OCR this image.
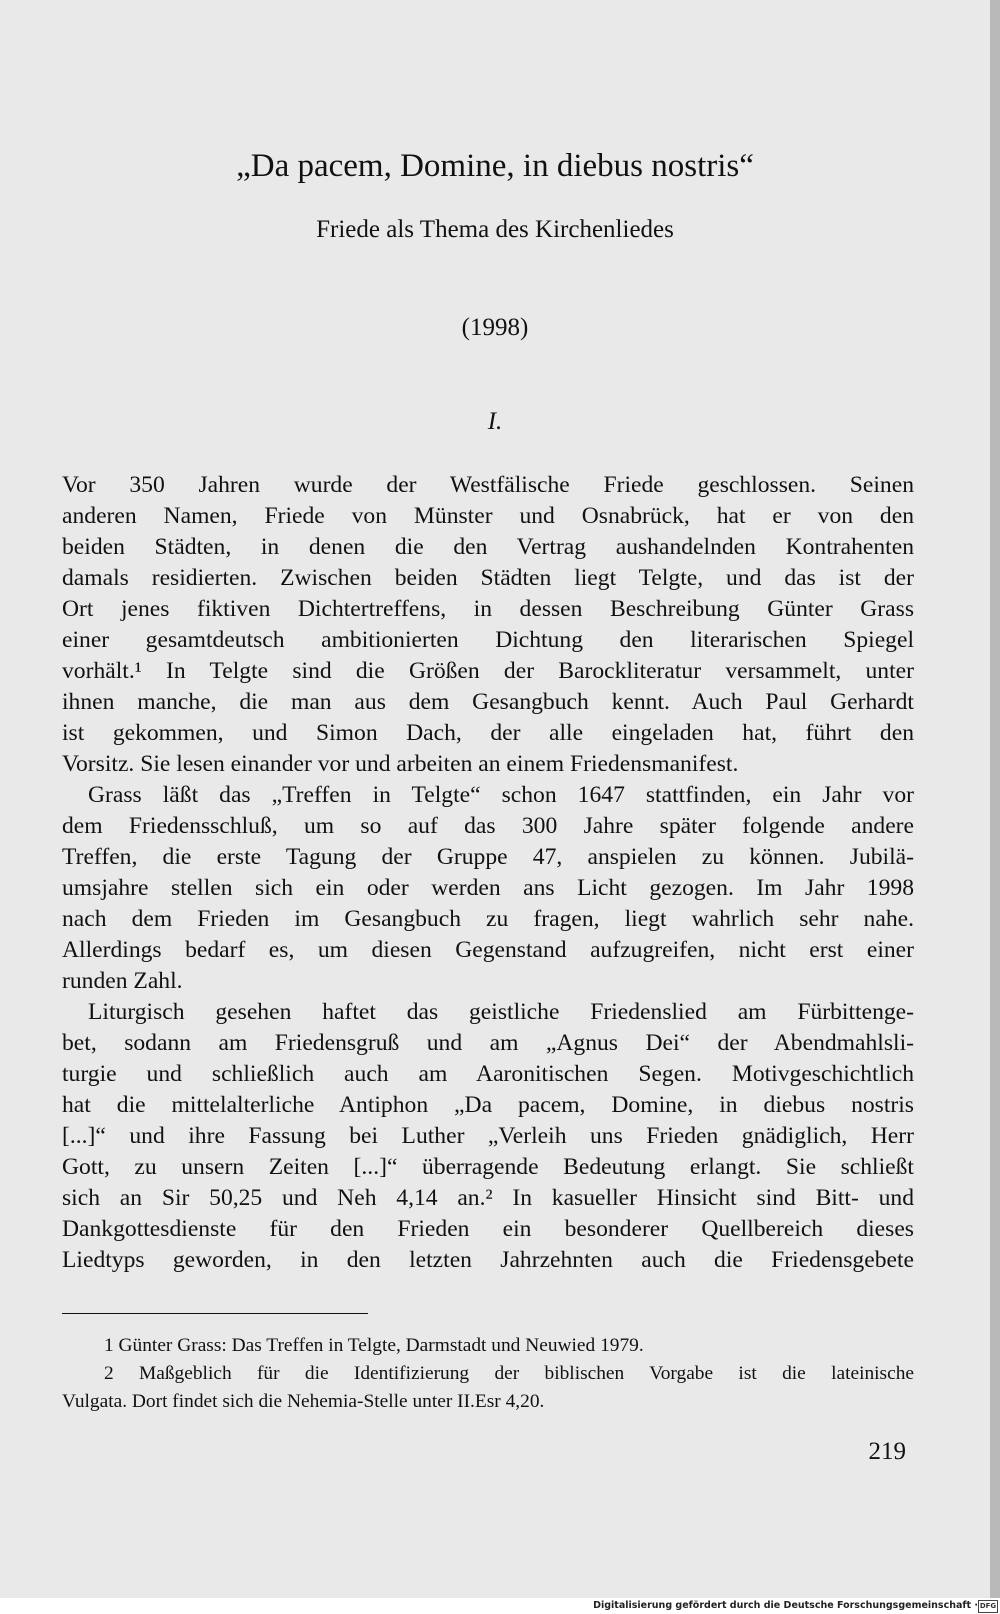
„Da pacem, Domine, in diebus nostris“
Friede als Thema des Kirchenliedes
(1998)
I.
Vor 350 Jahren wurde der Westfälische Friede geschlossen. Seinen
anderen Namen, Friede von Münster und Osnabrück, hat er von den
beiden Städten, in denen die den Vertrag aushandelnden Kontrahenten
damals residierten. Zwischen beiden Städten liegt Telgte, und das ist der
Ort jenes fiktiven Dichtertreffens, in dessen Beschreibung Günter Grass
einer gesamtdeutsch ambitionierten Dichtung den literarischen Spiegel
vorhält.¹ In Telgte sind die Größen der Barockliteratur versammelt, unter
ihnen manche, die man aus dem Gesangbuch kennt. Auch Paul Gerhardt
ist gekommen, und Simon Dach, der alle eingeladen hat, führt den
Vorsitz. Sie lesen einander vor und arbeiten an einem Friedensmanifest.
Grass läßt das „Treffen in Telgte“ schon 1647 stattfinden, ein Jahr vor
dem Friedensschluß, um so auf das 300 Jahre später folgende andere
Treffen, die erste Tagung der Gruppe 47, anspielen zu können. Jubilä-
umsjahre stellen sich ein oder werden ans Licht gezogen. Im Jahr 1998
nach dem Frieden im Gesangbuch zu fragen, liegt wahrlich sehr nahe.
Allerdings bedarf es, um diesen Gegenstand aufzugreifen, nicht erst einer
runden Zahl.
Liturgisch gesehen haftet das geistliche Friedenslied am Fürbittenge-
bet, sodann am Friedensgruß und am „Agnus Dei“ der Abendmahlsli-
turgie und schließlich auch am Aaronitischen Segen. Motivgeschichtlich
hat die mittelalterliche Antiphon „Da pacem, Domine, in diebus nostris
[...]“ und ihre Fassung bei Luther „Verleih uns Frieden gnädiglich, Herr
Gott, zu unsern Zeiten [...]“ überragende Bedeutung erlangt. Sie schließt
sich an Sir 50,25 und Neh 4,14 an.² In kasueller Hinsicht sind Bitt- und
Dankgottesdienste für den Frieden ein besonderer Quellbereich dieses
Liedtyps geworden, in den letzten Jahrzehnten auch die Friedensgebete
1 Günter Grass: Das Treffen in Telgte, Darmstadt und Neuwied 1979.
2 Maßgeblich für die Identifizierung der biblischen Vorgabe ist die lateinische
Vulgata. Dort findet sich die Nehemia-Stelle unter II.Esr 4,20.
219
Digitalisierung gefördert durch die Deutsche Forschungsgemeinschaft · DFG
